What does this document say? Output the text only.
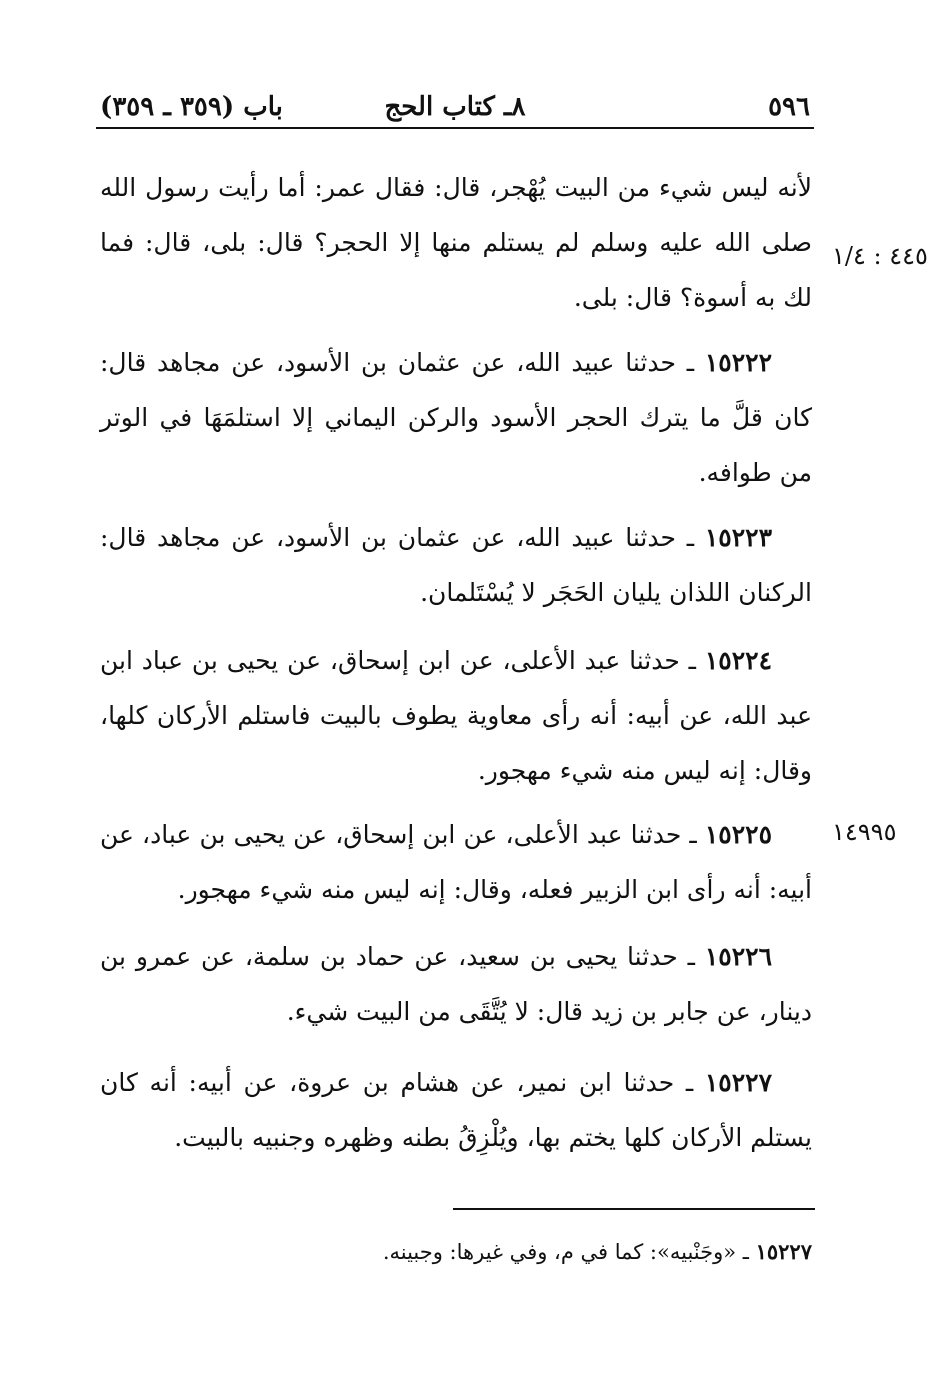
٥٩٦
٨ـ كتاب الحج
باب (٣٥٩ ـ ٣٥٩)
٤٤٥ : ١/٤
١٤٩٩٥
لأنه ليس شيء من البيت يُهْجر، قال: فقال عمر: أما رأيت رسول الله صلى الله عليه وسلم لم يستلم منها إلا الحجر؟ قال: بلى، قال: فما لك به أسوة؟ قال: بلى.
١٥٢٢٢ ـ حدثنا عبيد الله، عن عثمان بن الأسود، عن مجاهد قال: كان قلَّ ما يترك الحجر الأسود والركن اليماني إلا استلمَهَا في الوتر من طوافه.
١٥٢٢٣ ـ حدثنا عبيد الله، عن عثمان بن الأسود، عن مجاهد قال: الركنان اللذان يليان الحَجَر لا يُسْتَلمان.
١٥٢٢٤ ـ حدثنا عبد الأعلى، عن ابن إسحاق، عن يحيى بن عباد ابن عبد الله، عن أبيه: أنه رأى معاوية يطوف بالبيت فاستلم الأركان كلها، وقال: إنه ليس منه شيء مهجور.
١٥٢٢٥ ـ حدثنا عبد الأعلى، عن ابن إسحاق، عن يحيى بن عباد، عن أبيه: أنه رأى ابن الزبير فعله، وقال: إنه ليس منه شيء مهجور.
١٥٢٢٦ ـ حدثنا يحيى بن سعيد، عن حماد بن سلمة، عن عمرو بن دينار، عن جابر بن زيد قال: لا يُتَّقَى من البيت شيء.
١٥٢٢٧ ـ حدثنا ابن نمير، عن هشام بن عروة، عن أبيه: أنه كان يستلم الأركان كلها يختم بها، ويُلْزِقُ بطنه وظهره وجنبيه بالبيت.
١٥٢٢٧ ـ «وجَنْبيه»: كما في م، وفي غيرها: وجبينه.
